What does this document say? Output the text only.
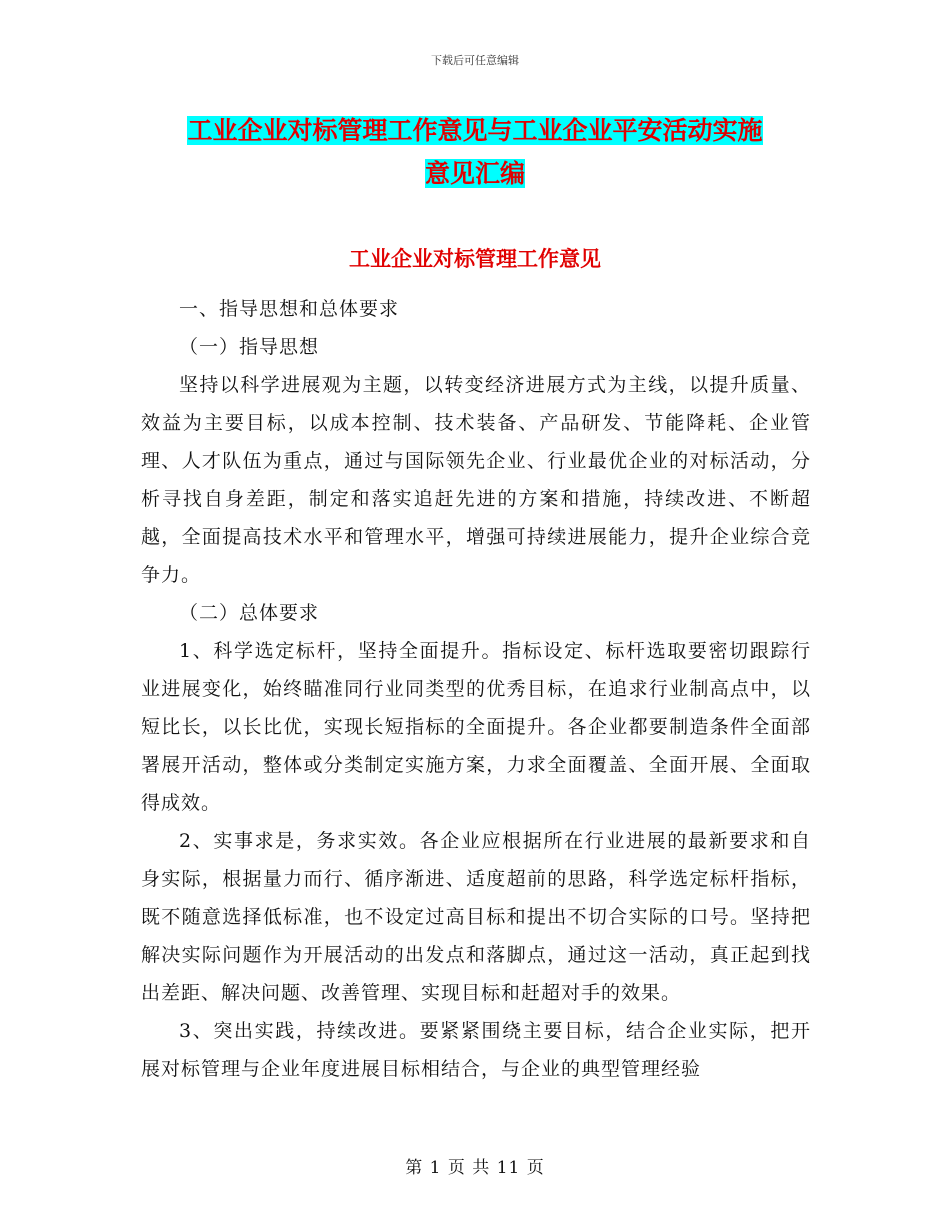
下载后可任意编辑
工业企业对标管理工作意见与工业企业平安活动实施
意见汇编
工业企业对标管理工作意见

一、指导思想和总体要求

（一）指导思想

坚持以科学进展观为主题，以转变经济进展方式为主线，以提升质量、效益为主要目标，以成本控制、技术装备、产品研发、节能降耗、企业管理、人才队伍为重点，通过与国际领先企业、行业最优企业的对标活动，分析寻找自身差距，制定和落实追赶先进的方案和措施，持续改进、不断超越，全面提高技术水平和管理水平，增强可持续进展能力，提升企业综合竞争力。

（二）总体要求

1、科学选定标杆，坚持全面提升。指标设定、标杆选取要密切跟踪行业进展变化，始终瞄准同行业同类型的优秀目标，在追求行业制高点中，以短比长，以长比优，实现长短指标的全面提升。各企业都要制造条件全面部署展开活动，整体或分类制定实施方案，力求全面覆盖、全面开展、全面取得成效。

2、实事求是，务求实效。各企业应根据所在行业进展的最新要求和自身实际，根据量力而行、循序渐进、适度超前的思路，科学选定标杆指标，既不随意选择低标准，也不设定过高目标和提出不切合实际的口号。坚持把解决实际问题作为开展活动的出发点和落脚点，通过这一活动，真正起到找出差距、解决问题、改善管理、实现目标和赶超对手的效果。

3、突出实践，持续改进。要紧紧围绕主要目标，结合企业实际，把开展对标管理与企业年度进展目标相结合，与企业的典型管理经验

第 1 页 共 11 页
